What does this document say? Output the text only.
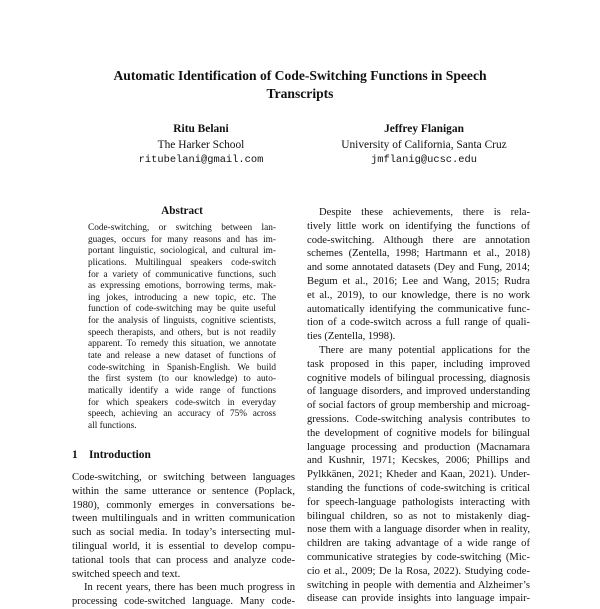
Automatic Identification of Code-Switching Functions in Speech
Transcripts
Ritu Belani
The Harker School
ritubelani@gmail.com
Jeffrey Flanigan
University of California, Santa Cruz
jmflanig@ucsc.edu
Abstract
Code-switching, or switching between lan-
guages, occurs for many reasons and has im-
portant linguistic, sociological, and cultural im-
plications. Multilingual speakers code-switch
for a variety of communicative functions, such
as expressing emotions, borrowing terms, mak-
ing jokes, introducing a new topic, etc. The
function of code-switching may be quite useful
for the analysis of linguists, cognitive scientists,
speech therapists, and others, but is not readily
apparent. To remedy this situation, we annotate
tate and release a new dataset of functions of
code-switching in Spanish-English. We build
the first system (to our knowledge) to auto-
matically identify a wide range of functions
for which speakers code-switch in everyday
speech, achieving an accuracy of 75% across
all functions.
1 Introduction
Code-switching, or switching between languages
within the same utterance or sentence (Poplack,
1980), commonly emerges in conversations be-
tween multilinguals and in written communication
such as social media. In today’s intersecting mul-
tilingual world, it is essential to develop compu-
tational tools that can process and analyze code-
switched speech and text.
In recent years, there has been much progress in
processing code-switched language. Many code-
Despite these achievements, there is rela-
tively little work on identifying the functions of
code-switching. Although there are annotation
schemes (Zentella, 1998; Hartmann et al., 2018)
and some annotated datasets (Dey and Fung, 2014;
Begum et al., 2016; Lee and Wang, 2015; Rudra
et al., 2019), to our knowledge, there is no work
automatically identifying the communicative func-
tion of a code-switch across a full range of quali-
ties (Zentella, 1998).
There are many potential applications for the
task proposed in this paper, including improved
cognitive models of bilingual processing, diagnosis
of language disorders, and improved understanding
of social factors of group membership and microag-
gressions. Code-switching analysis contributes to
the development of cognitive models for bilingual
language processing and production (Macnamara
and Kushnir, 1971; Kecskes, 2006; Phillips and
Pylkkänen, 2021; Kheder and Kaan, 2021). Under-
standing the functions of code-switching is critical
for speech-language pathologists interacting with
bilingual children, so as not to mistakenly diag-
nose them with a language disorder when in reality,
children are taking advantage of a wide range of
communicative strategies by code-switching (Mic-
cio et al., 2009; De la Rosa, 2022). Studying code-
switching in people with dementia and Alzheimer’s
disease can provide insights into language impair-
